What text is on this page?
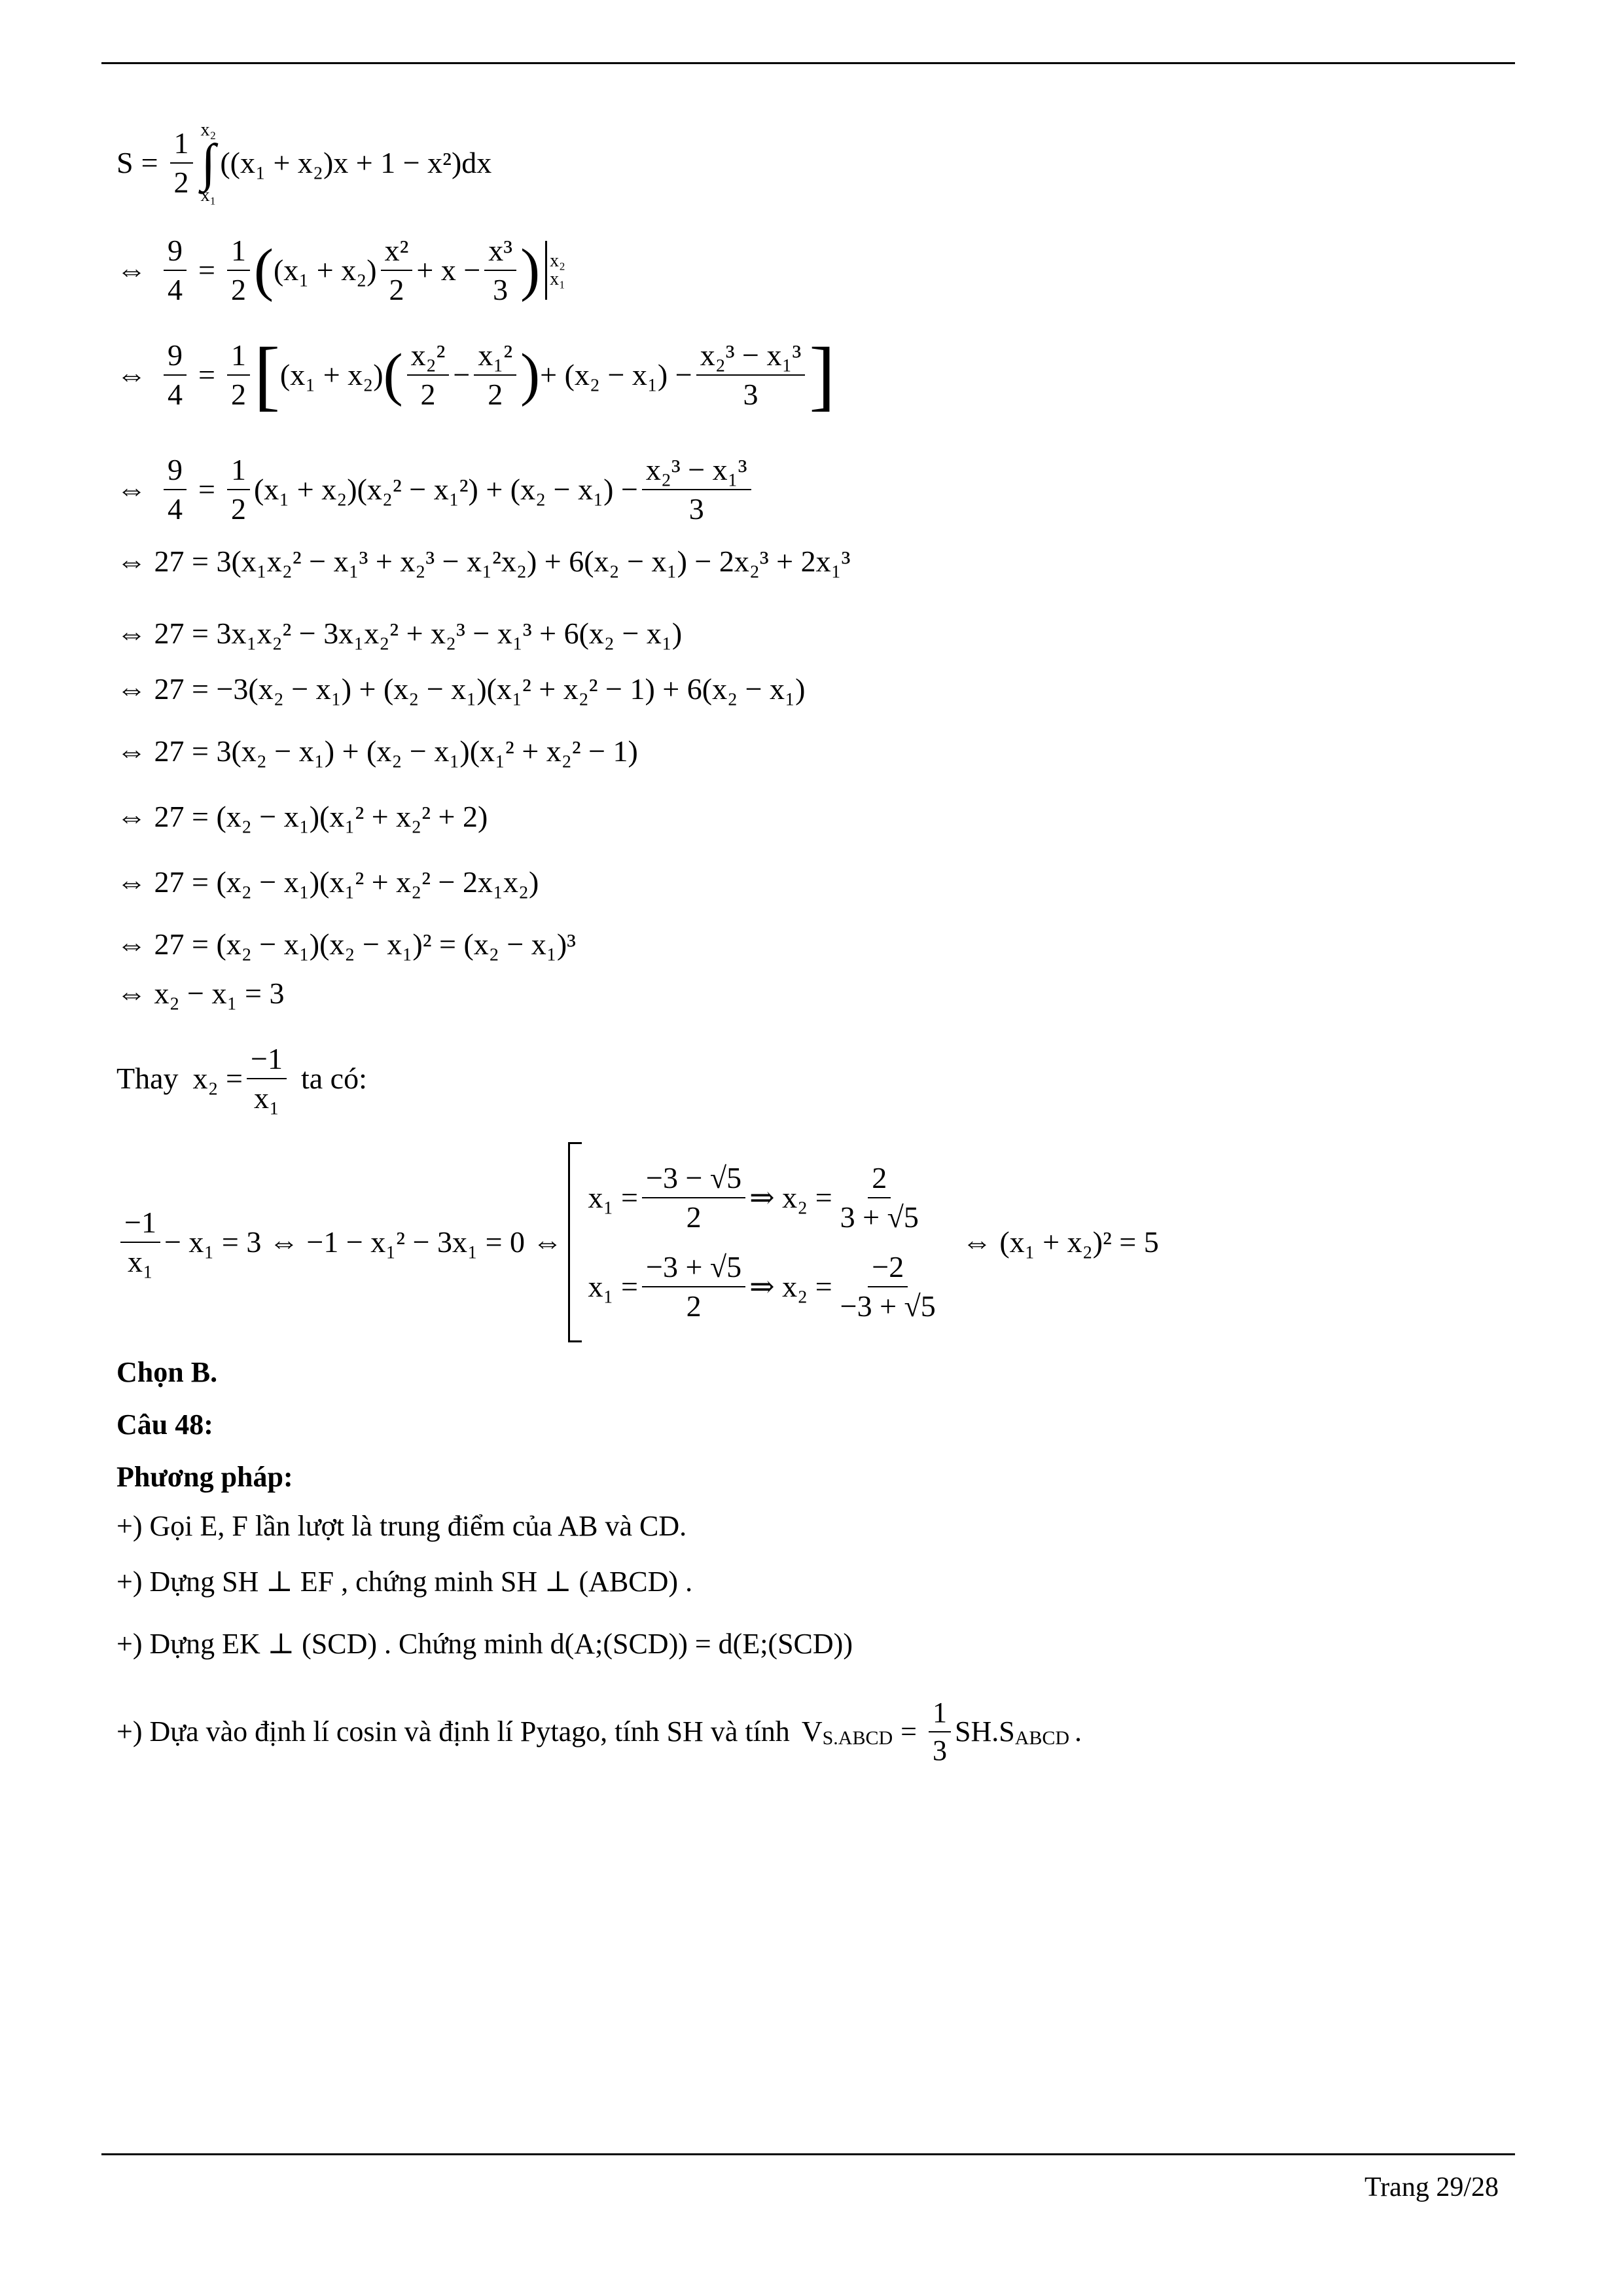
$S = \frac{1}{2} x_2$
∫
x₁
((x₁ + x₂)x + 1 − x²)dx
⇔ $\frac{9}{4} = \frac{1}{2}$ ( $(x_1 + x_2) \frac{\text{x²}}{2} + x - \frac{\text{x³}}{3}$ ) x₂
x₁
⇔ $\frac{9}{4} = \frac{1}{2}$ [ (x₁ + x₂) ( $\frac{\text{x₂²}}{2} - \frac{\text{x₁²}}{2}$ ) + $(x_2 - x_1) - \frac{\text{x₂³ − x₁³}}{3}$ ]
⇔ $\frac{9}{4} = \frac{1}{2} (x_1 + x_2)(x_2^2 - x_1^2) + (x_2 - x_1) - \frac{\text{x₂³ − x₁³}}{3}$
⇔ 27 = 3(x₁x₂² − x₁³ + x₂³ − x₁²x₂) + 6(x₂ − x₁) − 2x₂³ + 2x₁³
⇔ 27 = 3x₁x₂² − 3x₁x₂² + x₂³ − x₁³ + 6(x₂ − x₁)
⇔ 27 = −3(x₂ − x₁) + (x₂ − x₁)(x₁² + x₂² − 1) + 6(x₂ − x₁)
⇔ 27 = 3(x₂ − x₁) + (x₂ − x₁)(x₁² + x₂² − 1)
⇔ 27 = (x₂ − x₁)(x₁² + x₂² + 2)
⇔ 27 = (x₂ − x₁)(x₁² + x₂² − 2x₁x₂)
⇔ 27 = (x₂ − x₁)(x₂ − x₁)² = (x₂ − x₁)³
⇔ x₂ − x₁ = 3
Thay $x_2 = \frac{-1}{\text{x₁}}$ ta có:
$\frac{-1}{\text{x₁}} - x_1 = 3$ ⇔ −1 − x₁² − 3x₁ = 0 ⇔
$x_1 = \frac{-3 - √5}{2}$ ⇒ $x_2 = \frac{2}{3 + √5}$
$x_1 = \frac{-3 + √5}{2}$ ⇒ $x_2 = \frac{-2}{-3 + √5}$
⇔ (x₁ + x₂)² = 5
Chọn B.
Câu 48:
Phương pháp:
+) Gọi E, F lần lượt là trung điểm của AB và CD.
+) Dựng SH ⊥ EF , chứng minh SH ⊥ (ABCD) .
+) Dựng EK ⊥ (SCD) . Chứng minh d(A;(SCD)) = d(E;(SCD))
+) Dựa vào định lí cosin và định lí Pytago, tính SH và tính V S.ABCD = $\frac{1}{3} SH.S$ ABCD .
Trang 29/28
